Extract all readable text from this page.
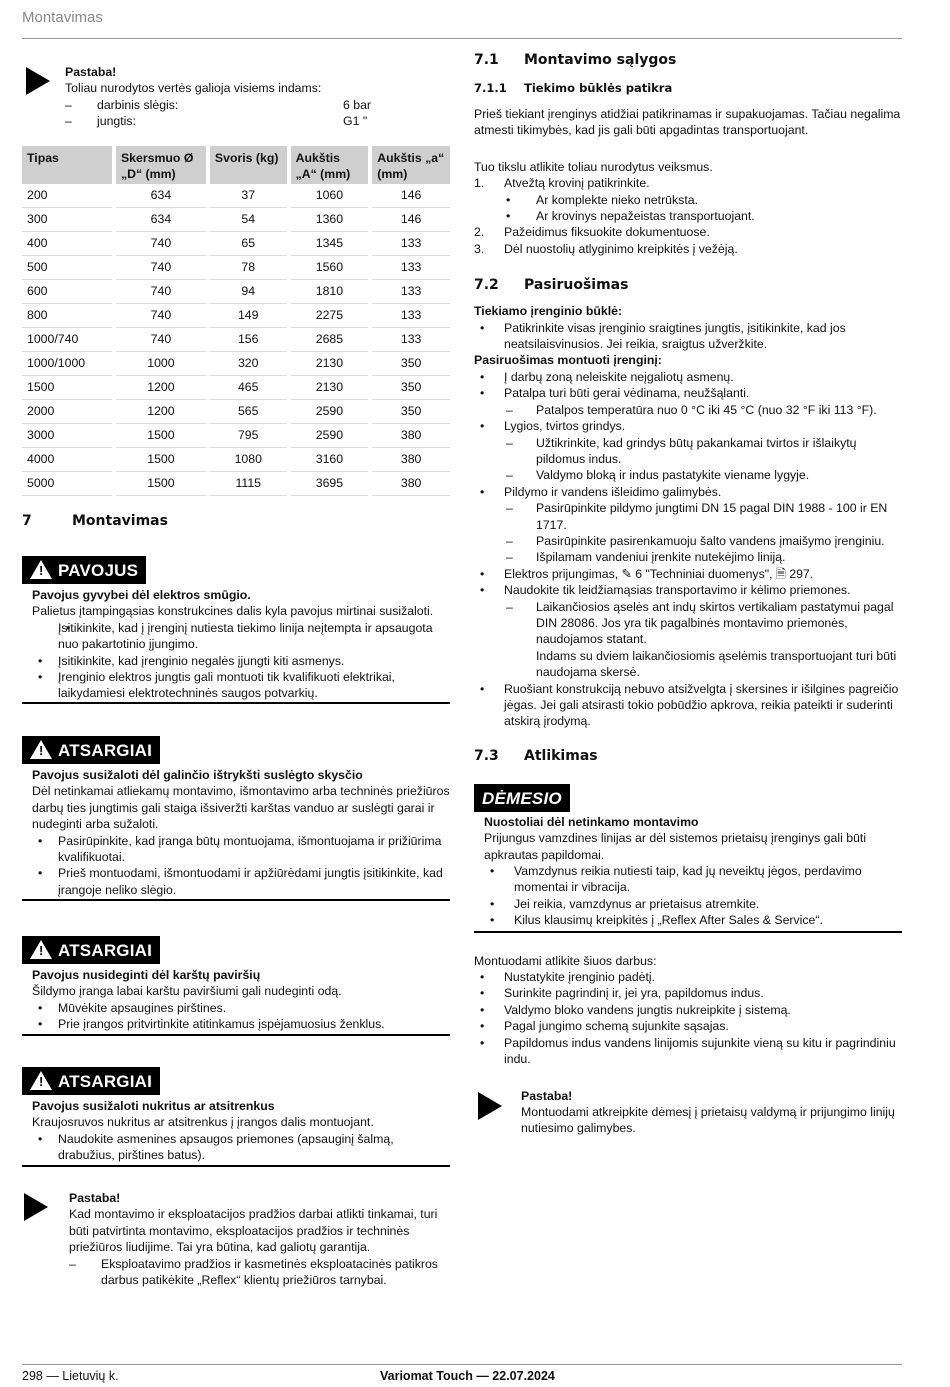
Montavimas
Pastaba!
Toliau nurodytos vertės galioja visiems indams:
– darbinis slėgis:	6 bar
– jungtis:	G1 "
Tipas	Skersmuo Ø „D“ (mm)	Svoris (kg)	Aukštis „A“ (mm)	Aukštis „a“ (mm)
200	634	37	1060	146
300	634	54	1360	146
400	740	65	1345	133
500	740	78	1560	133
600	740	94	1810	133
800	740	149	2275	133
1000/740	740	156	2685	133
1000/1000	1000	320	2130	350
1500	1200	465	2130	350
2000	1200	565	2590	350
3000	1500	795	2590	380
4000	1500	1080	3160	380
5000	1500	1115	3695	380
7	Montavimas
! PAVOJUS
Pavojus gyvybei dėl elektros smūgio.
Palietus įtampingąsias konstrukcines dalis kyla pavojus mirtinai susižaloti.
• Įsitikinkite, kad į įrenginį nutiesta tiekimo linija neįtempta ir apsaugota nuo pakartotinio įjungimo.
• Įsitikinkite, kad įrenginio negalės įjungti kiti asmenys.
• Įrenginio elektros jungtis gali montuoti tik kvalifikuoti elektrikai, laikydamiesi elektrotechninės saugos potvarkių.
! ATSARGIAI
Pavojus susižaloti dėl galinčio ištrykšti suslėgto skysčio
Dėl netinkamai atliekamų montavimo, išmontavimo arba techninės priežiūros darbų ties jungtimis gali staiga išsiveržti karštas vanduo ar suslėgti garai ir nudeginti arba sužaloti.
• Pasirūpinkite, kad įranga būtų montuojama, išmontuojama ir prižiūrima kvalifikuotai.
• Prieš montuodami, išmontuodami ir apžiūrėdami jungtis įsitikinkite, kad įrangoje neliko slėgio.
! ATSARGIAI
Pavojus nusideginti dėl karštų paviršių
Šildymo įranga labai karštu paviršiumi gali nudeginti odą.
• Mūvėkite apsaugines pirštines.
• Prie įrangos pritvirtinkite atitinkamus įspėjamuosius ženklus.
! ATSARGIAI
Pavojus susižaloti nukritus ar atsitrenkus
Kraujosruvos nukritus ar atsitrenkus į įrangos dalis montuojant.
• Naudokite asmenines apsaugos priemones (apsauginį šalmą, drabužius, pirštines batus).
Pastaba!
Kad montavimo ir eksploatacijos pradžios darbai atlikti tinkamai, turi būti patvirtinta montavimo, eksploatacijos pradžios ir techninės priežiūros liudijime. Tai yra būtina, kad galiotų garantija.
– Eksploatavimo pradžios ir kasmetinės eksploatacinės patikros darbus patikėkite „Reflex“ klientų priežiūros tarnybai.
7.1 Montavimo sąlygos
7.1.1 Tiekimo būklės patikra
Prieš tiekiant įrenginys atidžiai patikrinamas ir supakuojamas. Tačiau negalima atmesti tikimybės, kad jis gali būti apgadintas transportuojant.
Tuo tikslu atlikite toliau nurodytus veiksmus.
1. Atvežtą krovinį patikrinkite.
• Ar komplekte nieko netrūksta.
• Ar krovinys nepažeistas transportuojant.
2. Pažeidimus fiksuokite dokumentuose.
3. Dėl nuostolių atlyginimo kreipkitės į vežėją.
7.2 Pasiruošimas
Tiekiamo įrenginio būklė:
• Patikrinkite visas įrenginio sraigtines jungtis, įsitikinkite, kad jos neatsilaisvinusios. Jei reikia, sraigtus užveržkite.
Pasiruošimas montuoti įrenginį:
• Į darbų zoną neleiskite neįgaliotų asmenų.
• Patalpa turi būti gerai vėdinama, neužšąlanti.
– Patalpos temperatūra nuo 0 °C iki 45 °C (nuo 32 °F iki 113 °F).
• Lygios, tvirtos grindys.
– Užtikrinkite, kad grindys būtų pakankamai tvirtos ir išlaikytų pildomus indus.
– Valdymo bloką ir indus pastatykite viename lygyje.
• Pildymo ir vandens išleidimo galimybės.
– Pasirūpinkite pildymo jungtimi DN 15 pagal DIN 1988 - 100 ir EN 1717.
– Pasirūpinkite pasirenkamuoju šalto vandens įmaišymo įrenginiu.
– Išpilamam vandeniui įrenkite nutekėjimo liniją.
• Elektros prijungimas, ✎ 6 "Techniniai duomenys", 🗎 297.
• Naudokite tik leidžiamąsias transportavimo ir kėlimo priemones.
– Laikančiosios ąselės ant indų skirtos vertikaliam pastatymui pagal DIN 28086. Jos yra tik pagalbinės montavimo priemonės, naudojamos statant.
Indams su dviem laikančiosiomis ąselėmis transportuojant turi būti naudojama skersė.
• Ruošiant konstrukciją nebuvo atsižvelgta į skersines ir išilgines pagreičio jėgas. Jei gali atsirasti tokio pobūdžio apkrova, reikia pateikti ir suderinti atskirą įrodymą.
7.3 Atlikimas
DĖMESIO
Nuostoliai dėl netinkamo montavimo
Prijungus vamzdines linijas ar dėl sistemos prietaisų įrenginys gali būti apkrautas papildomai.
• Vamzdynus reikia nutiesti taip, kad jų neveiktų jėgos, perdavimo momentai ir vibracija.
• Jei reikia, vamzdynus ar prietaisus atremkite.
• Kilus klausimų kreipkitės į „Reflex After Sales & Service“.
Montuodami atlikite šiuos darbus:
• Nustatykite įrenginio padėtį.
• Surinkite pagrindinį ir, jei yra, papildomus indus.
• Valdymo bloko vandens jungtis nukreipkite į sistemą.
• Pagal jungimo schemą sujunkite sąsajas.
• Papildomus indus vandens linijomis sujunkite vieną su kitu ir pagrindiniu indu.
Pastaba!
Montuodami atkreipkite dėmesį į prietaisų valdymą ir prijungimo linijų nutiesimo galimybes.
298 — Lietuvių k.	Variomat Touch — 22.07.2024
